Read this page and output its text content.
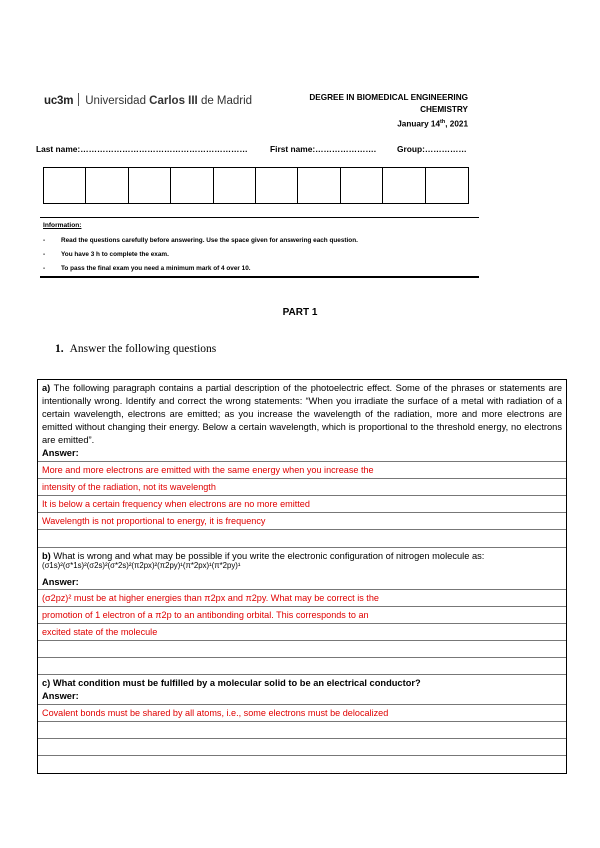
uc3m Universidad Carlos III de Madrid	DEGREE IN BIOMEDICAL ENGINEERING
CHEMISTRY
January 14th, 2021
Last name:……………………………………………………	First name:…………………. Group:……………
Information:
- Read the questions carefully before answering. Use the space given for answering each question.
- You have 3 h to complete the exam.
- To pass the final exam you need a minimum mark of 4 over 10.
PART 1
1. Answer the following questions
a) The following paragraph contains a partial description of the photoelectric effect. Some of the phrases or statements are intentionally wrong. Identify and correct the wrong statements: “When you irradiate the surface of a metal with radiation of a certain wavelength, electrons are emitted; as you increase the wavelength of the radiation, more and more electrons are emitted without changing their energy. Below a certain wavelength, which is proportional to the threshold energy, no electrons are emitted”.
Answer:
More and more electrons are emitted with the same energy when you increase the
intensity of the radiation, not its wavelength
It is below a certain frequency when electrons are no more emitted
Wavelength is not proportional to energy, it is frequency
b) What is wrong and what may be possible if you write the electronic configuration of nitrogen molecule as:
$^{(\sigma 1s)^2(\sigma*1s)^2(\sigma 2s)^2(\sigma*2s)^2(\pi 2px)^2(\pi 2py)^1(\pi*2px)^1(\pi*2py)^1}$
Answer:
(σ2pz)² must be at higher energies than π2px and π2py. What may be correct is the
promotion of 1 electron of a π2p to an antibonding orbital. This corresponds to an
excited state of the molecule
c) What condition must be fulfilled by a molecular solid to be an electrical conductor?
Answer:
Covalent bonds must be shared by all atoms, i.e., some electrons must be delocalized
